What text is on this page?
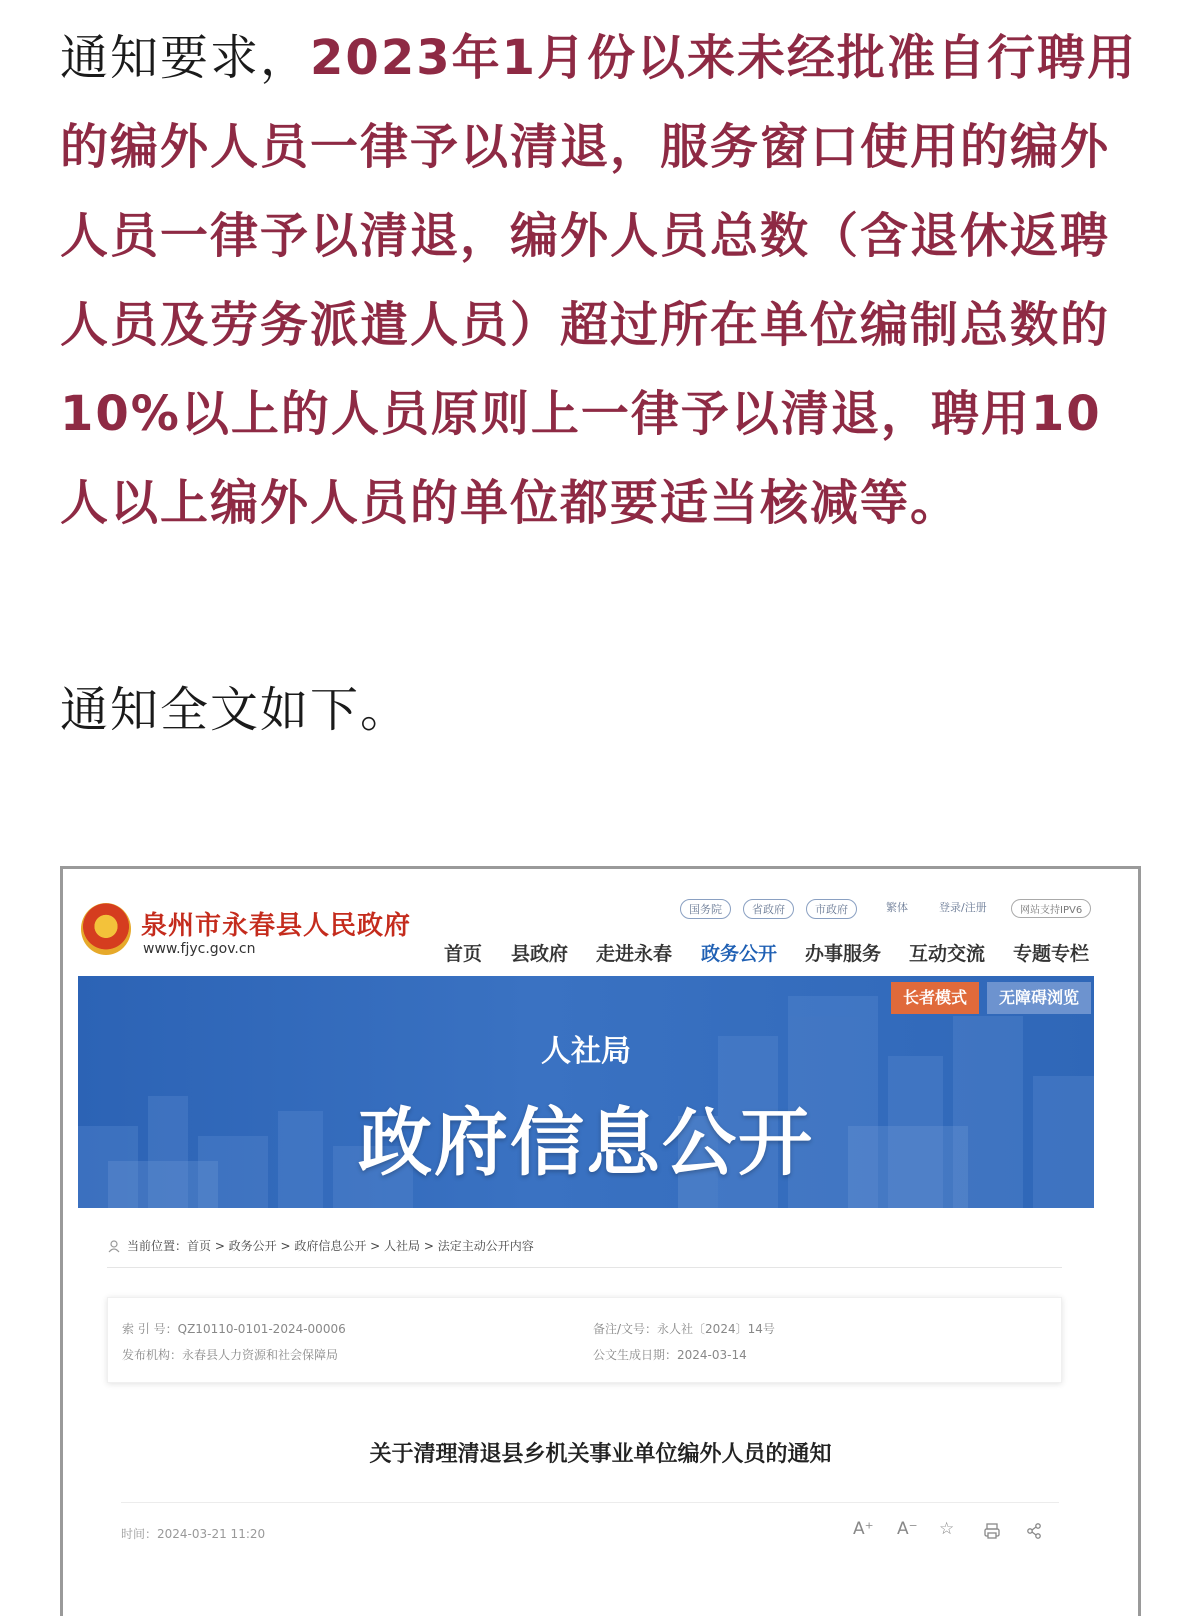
通知要求，2023年1月份以来未经批准自行聘用的编外人员一律予以清退，服务窗口使用的编外人员一律予以清退，编外人员总数（含退休返聘人员及劳务派遣人员）超过所在单位编制总数的10%以上的人员原则上一律予以清退，聘用10人以上编外人员的单位都要适当核减等。

通知全文如下。

泉州市永春县人民政府
www.fjyc.gov.cn
国务院	省政府	市政府	繁体	登录/注册	网站支持IPV6
首页 县政府 走进永春 政务公开 办事服务 互动交流 专题专栏
长者模式	无障碍浏览
人社局
政府信息公开
当前位置：首页 > 政务公开 > 政府信息公开 > 人社局 > 法定主动公开内容
索 引 号：QZ10110-0101-2024-00006
发布机构：永春县人力资源和社会保障局
备注/文号：永人社〔2024〕14号
公文生成日期：2024-03-14
关于清理清退县乡机关事业单位编外人员的通知
时间：2024-03-21 11:20	A⁺ A⁻ ☆
